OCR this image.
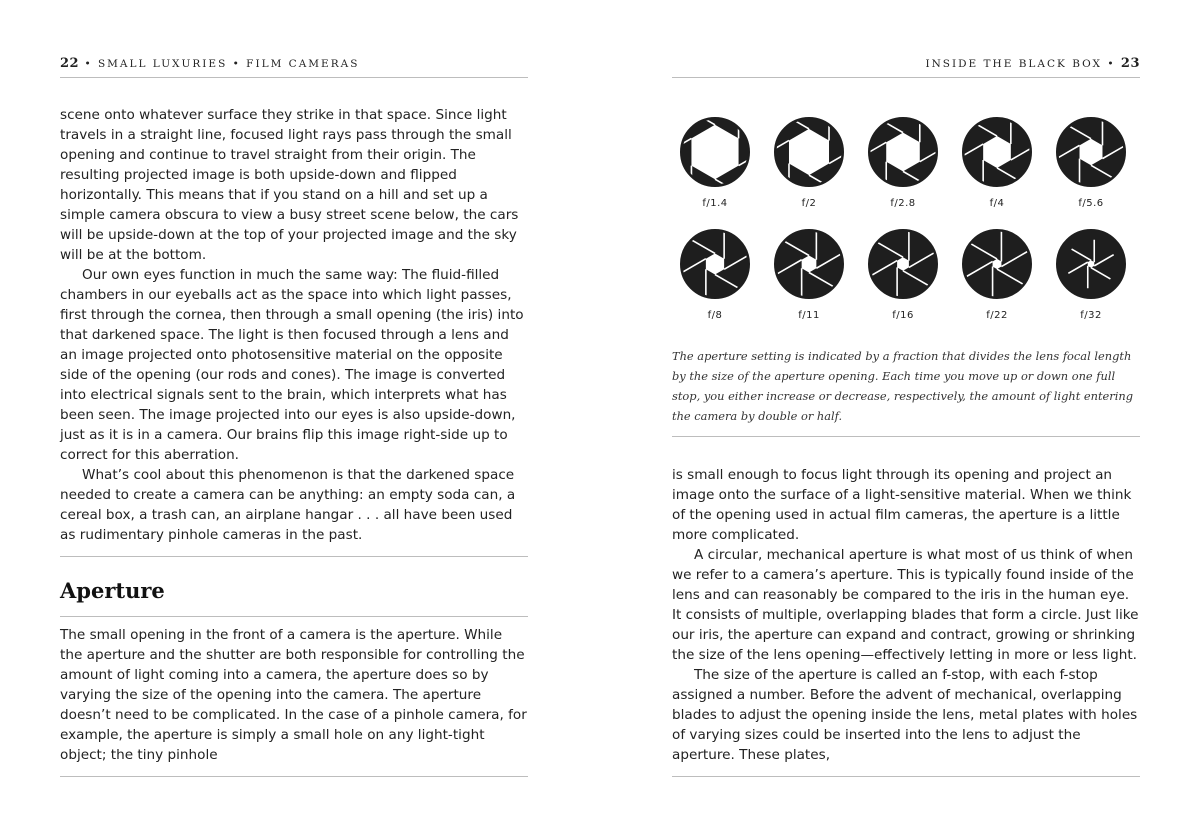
22 • SMALL LUXURIES • FILM CAMERAS

scene onto whatever surface they strike in that space. Since light travels in a straight line, focused light rays pass through the small opening and continue to travel straight from their origin. The resulting projected image is both upside-down and flipped horizontally. This means that if you stand on a hill and set up a simple camera obscura to view a busy street scene below, the cars will be upside-down at the top of your projected image and the sky will be at the bottom.

Our own eyes function in much the same way: The fluid-filled chambers in our eyeballs act as the space into which light passes, first through the cornea, then through a small opening (the iris) into that darkened space. The light is then focused through a lens and an image projected onto photosensitive material on the opposite side of the opening (our rods and cones). The image is converted into electrical signals sent to the brain, which interprets what has been seen. The image projected into our eyes is also upside-down, just as it is in a camera. Our brains flip this image right-side up to correct for this aberration.

What’s cool about this phenomenon is that the darkened space needed to create a camera can be anything: an empty soda can, a cereal box, a trash can, an airplane hangar . . . all have been used as rudimentary pinhole cameras in the past.

Aperture

The small opening in the front of a camera is the aperture. While the aperture and the shutter are both responsible for controlling the amount of light coming into a camera, the aperture does so by varying the size of the opening into the camera. The aperture doesn’t need to be complicated. In the case of a pinhole camera, for example, the aperture is simply a small hole on any light-tight object; the tiny pinhole

INSIDE THE BLACK BOX • 23
f/1.4	f/2	f/2.8	f/4	f/5.6
f/8	f/11	f/16	f/22	f/32

The aperture setting is indicated by a fraction that divides the lens focal length by the size of the aperture opening. Each time you move up or down one full stop, you either increase or decrease, respectively, the amount of light entering the camera by double or half.

is small enough to focus light through its opening and project an image onto the surface of a light-sensitive material. When we think of the opening used in actual film cameras, the aperture is a little more complicated.

A circular, mechanical aperture is what most of us think of when we refer to a camera’s aperture. This is typically found inside of the lens and can reasonably be compared to the iris in the human eye. It consists of multiple, overlapping blades that form a circle. Just like our iris, the aperture can expand and contract, growing or shrinking the size of the lens opening—effectively letting in more or less light.

The size of the aperture is called an f-stop, with each f-stop assigned a number. Before the advent of mechanical, overlapping blades to adjust the opening inside the lens, metal plates with holes of varying sizes could be inserted into the lens to adjust the aperture. These plates,
